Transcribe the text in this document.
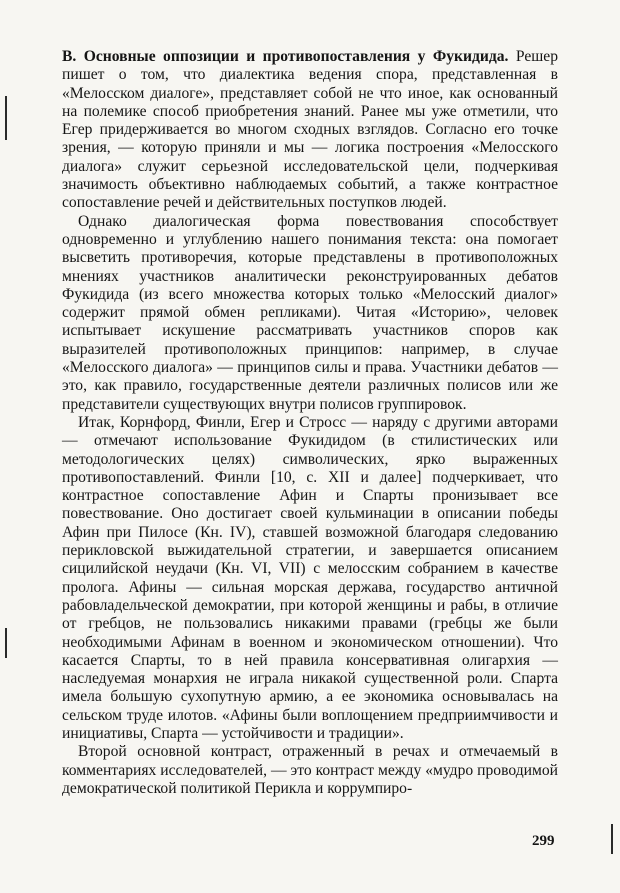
В. Основные оппозиции и противопоставления у Фукидида. Решер пишет о том, что диалектика ведения спора, представленная в «Мелосском диалоге», представляет собой не что иное, как основанный на полемике способ приобретения знаний. Ранее мы уже отметили, что Егер придерживается во многом сходных взглядов. Согласно его точке зрения, — которую приняли и мы — логика построения «Мелосского диалога» служит серьезной исследовательской цели, подчеркивая значимость объективно наблюдаемых событий, а также контрастное сопоставление речей и действительных поступков людей.

Однако диалогическая форма повествования способствует одновременно и углублению нашего понимания текста: она помогает высветить противоречия, которые представлены в противоположных мнениях участников аналитически реконструированных дебатов Фукидида (из всего множества которых только «Мелосский диалог» содержит прямой обмен репликами). Читая «Историю», человек испытывает искушение рассматривать участников споров как выразителей противоположных принципов: например, в случае «Мелосского диалога» — принципов силы и права. Участники дебатов — это, как правило, государственные деятели различных полисов или же представители существующих внутри полисов группировок.

Итак, Корнфорд, Финли, Егер и Стросс — наряду с другими авторами — отмечают использование Фукидидом (в стилистических или методологических целях) символических, ярко выраженных противопоставлений. Финли [10, с. XII и далее] подчеркивает, что контрастное сопоставление Афин и Спарты пронизывает все повествование. Оно достигает своей кульминации в описании победы Афин при Пилосе (Кн. IV), ставшей возможной благодаря следованию перикловской выжидательной стратегии, и завершается описанием сицилийской неудачи (Кн. VI, VII) с мелосским собранием в качестве пролога. Афины — сильная морская держава, государство античной рабовладельческой демократии, при которой женщины и рабы, в отличие от гребцов, не пользовались никакими правами (гребцы же были необходимыми Афинам в военном и экономическом отношении). Что касается Спарты, то в ней правила консервативная олигархия — наследуемая монархия не играла никакой существенной роли. Спарта имела большую сухопутную армию, а ее экономика основывалась на сельском труде илотов. «Афины были воплощением предприимчивости и инициативы, Спарта — устойчивости и традиции».

Второй основной контраст, отраженный в речах и отмечаемый в комментариях исследователей, — это контраст между «мудро проводимой демократической политикой Перикла и коррумпиро-

299
